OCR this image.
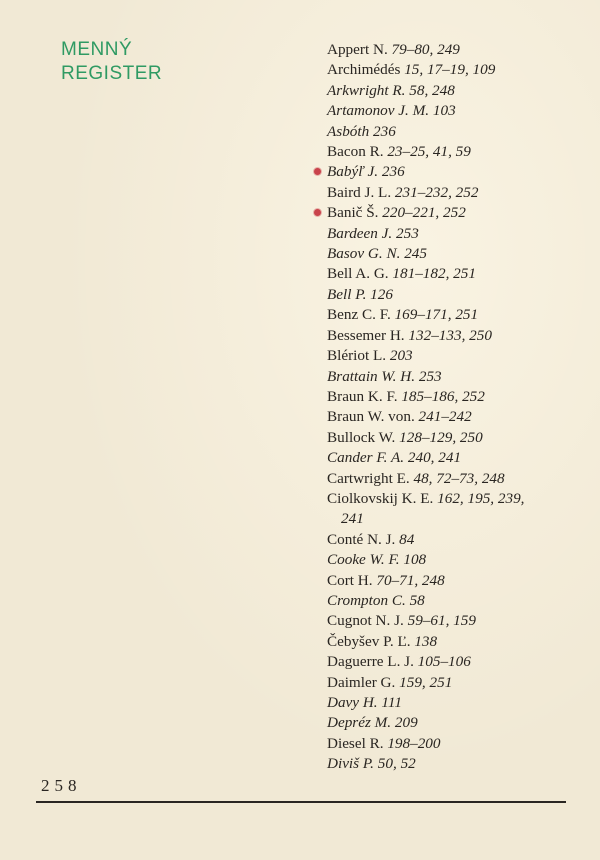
MENNÝ
REGISTER
Appert N. 79–80, 249
Archimédés 15, 17–19, 109
Arkwright R. 58, 248
Artamonov J. M. 103
Asbóth 236
Bacon R. 23–25, 41, 59
Babýľ J. 236
Baird J. L. 231–232, 252
Banič Š. 220–221, 252
Bardeen J. 253
Basov G. N. 245
Bell A. G. 181–182, 251
Bell P. 126
Benz C. F. 169–171, 251
Bessemer H. 132–133, 250
Blériot L. 203
Brattain W. H. 253
Braun K. F. 185–186, 252
Braun W. von. 241–242
Bullock W. 128–129, 250
Cander F. A. 240, 241
Cartwright E. 48, 72–73, 248
Ciolkovskij K. E. 162, 195, 239,
241
Conté N. J. 84
Cooke W. F. 108
Cort H. 70–71, 248
Crompton C. 58
Cugnot N. J. 59–61, 159
Čebyšev P. Ľ. 138
Daguerre L. J. 105–106
Daimler G. 159, 251
Davy H. 111
Depréz M. 209
Diesel R. 198–200
Diviš P. 50, 52
258
